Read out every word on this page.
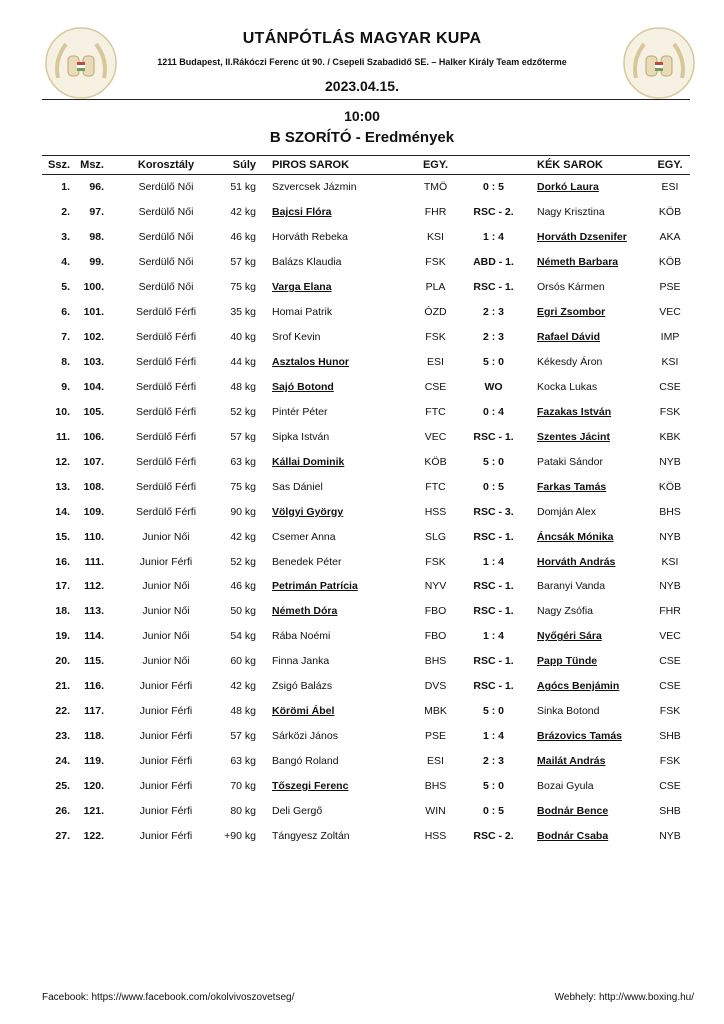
UTÁNPÓTLÁS MAGYAR KUPA
1211 Budapest, II.Rákóczi Ferenc út 90. / Csepeli Szabadidő SE. – Halker Király Team edzőterme
2023.04.15.
10:00
B SZORÍTÓ - Eredmények
Ssz.	Msz.	Korosztály	Súly	PIROS SAROK	EGY.		KÉK SAROK	EGY.
1.	96.	Serdülő Női	51 kg	Szvercsek Jázmin	TMÖ	0 : 5	Dorkó Laura	ESI
2.	97.	Serdülő Női	42 kg	Bajcsi Flóra	FHR	RSC - 2.	Nagy Krisztina	KÖB
3.	98.	Serdülő Női	46 kg	Horváth Rebeka	KSI	1 : 4	Horváth Dzsenifer	AKA
4.	99.	Serdülő Női	57 kg	Balázs Klaudia	FSK	ABD - 1.	Németh Barbara	KÖB
5.	100.	Serdülő Női	75 kg	Varga Elana	PLA	RSC - 1.	Orsós Kármen	PSE
6.	101.	Serdülő Férfi	35 kg	Homai Patrik	ÓZD	2 : 3	Egri Zsombor	VEC
7.	102.	Serdülő Férfi	40 kg	Srof Kevin	FSK	2 : 3	Rafael Dávid	IMP
8.	103.	Serdülő Férfi	44 kg	Asztalos Hunor	ESI	5 : 0	Kékesdy Áron	KSI
9.	104.	Serdülő Férfi	48 kg	Sajó Botond	CSE	WO	Kocka Lukas	CSE
10.	105.	Serdülő Férfi	52 kg	Pintér Péter	FTC	0 : 4	Fazakas István	FSK
11.	106.	Serdülő Férfi	57 kg	Sipka István	VEC	RSC - 1.	Szentes Jácint	KBK
12.	107.	Serdülő Férfi	63 kg	Kállai Dominik	KÖB	5 : 0	Pataki Sándor	NYB
13.	108.	Serdülő Férfi	75 kg	Sas Dániel	FTC	0 : 5	Farkas Tamás	KÖB
14.	109.	Serdülő Férfi	90 kg	Völgyi György	HSS	RSC - 3.	Domján Alex	BHS
15.	110.	Junior Női	42 kg	Csemer Anna	SLG	RSC - 1.	Áncsák Mónika	NYB
16.	111.	Junior Férfi	52 kg	Benedek Péter	FSK	1 : 4	Horváth András	KSI
17.	112.	Junior Női	46 kg	Petrimán Patrícia	NYV	RSC - 1.	Baranyi Vanda	NYB
18.	113.	Junior Női	50 kg	Németh Dóra	FBO	RSC - 1.	Nagy Zsófia	FHR
19.	114.	Junior Női	54 kg	Rába Noémi	FBO	1 : 4	Nyőgéri Sára	VEC
20.	115.	Junior Női	60 kg	Finna Janka	BHS	RSC - 1.	Papp Tünde	CSE
21.	116.	Junior Férfi	42 kg	Zsigó Balázs	DVS	RSC - 1.	Agócs Benjámin	CSE
22.	117.	Junior Férfi	48 kg	Körömi Ábel	MBK	5 : 0	Sinka Botond	FSK
23.	118.	Junior Férfi	57 kg	Sárközi János	PSE	1 : 4	Brázovics Tamás	SHB
24.	119.	Junior Férfi	63 kg	Bangó Roland	ESI	2 : 3	Mailát András	FSK
25.	120.	Junior Férfi	70 kg	Tőszegi Ferenc	BHS	5 : 0	Bozai Gyula	CSE
26.	121.	Junior Férfi	80 kg	Deli Gergő	WIN	0 : 5	Bodnár Bence	SHB
27.	122.	Junior Férfi	+90 kg	Tángyesz Zoltán	HSS	RSC - 2.	Bodnár Csaba	NYB
Facebook: https://www.facebook.com/okolvivoszovetseg/	Webhely: http://www.boxing.hu/
